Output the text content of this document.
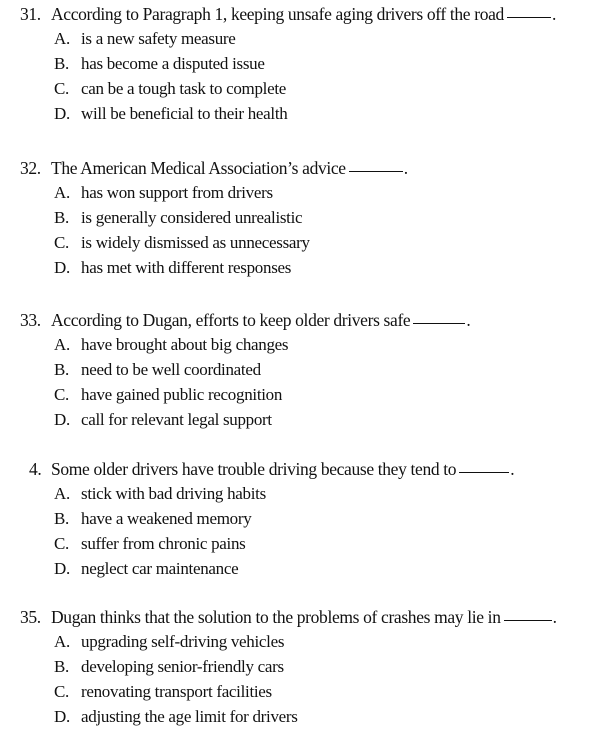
31. According to Paragraph 1, keeping unsafe aging drivers off the road	.
A. is a new safety measure
B. has become a disputed issue
C. can be a tough task to complete
D. will be beneficial to their health
32. The American Medical Association’s advice	.
A. has won support from drivers
B. is generally considered unrealistic
C. is widely dismissed as unnecessary
D. has met with different responses
33. According to Dugan, efforts to keep older drivers safe	.
A. have brought about big changes
B. need to be well coordinated
C. have gained public recognition
D. call for relevant legal support
4. Some older drivers have trouble driving because they tend to	.
A. stick with bad driving habits
B. have a weakened memory
C. suffer from chronic pains
D. neglect car maintenance
35. Dugan thinks that the solution to the problems of crashes may lie in	.
A. upgrading self-driving vehicles
B. developing senior-friendly cars
C. renovating transport facilities
D. adjusting the age limit for drivers
